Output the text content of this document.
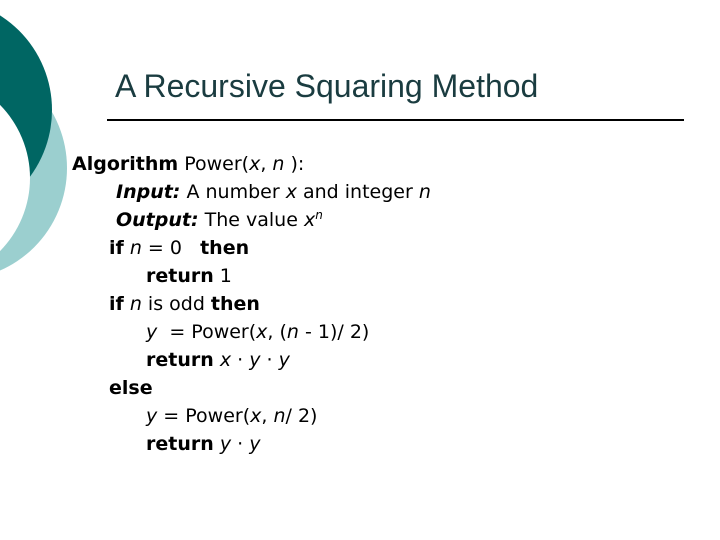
A Recursive Squaring Method
Algorithm Power(x, n ):
Input: A number x and integer n
Output: The value $x^n$
if n = 0   then
return 1
if n is odd then
y  = Power(x, (n - 1)/ 2)
return x · y · y
else
y = Power(x, n/ 2)
return y · y
